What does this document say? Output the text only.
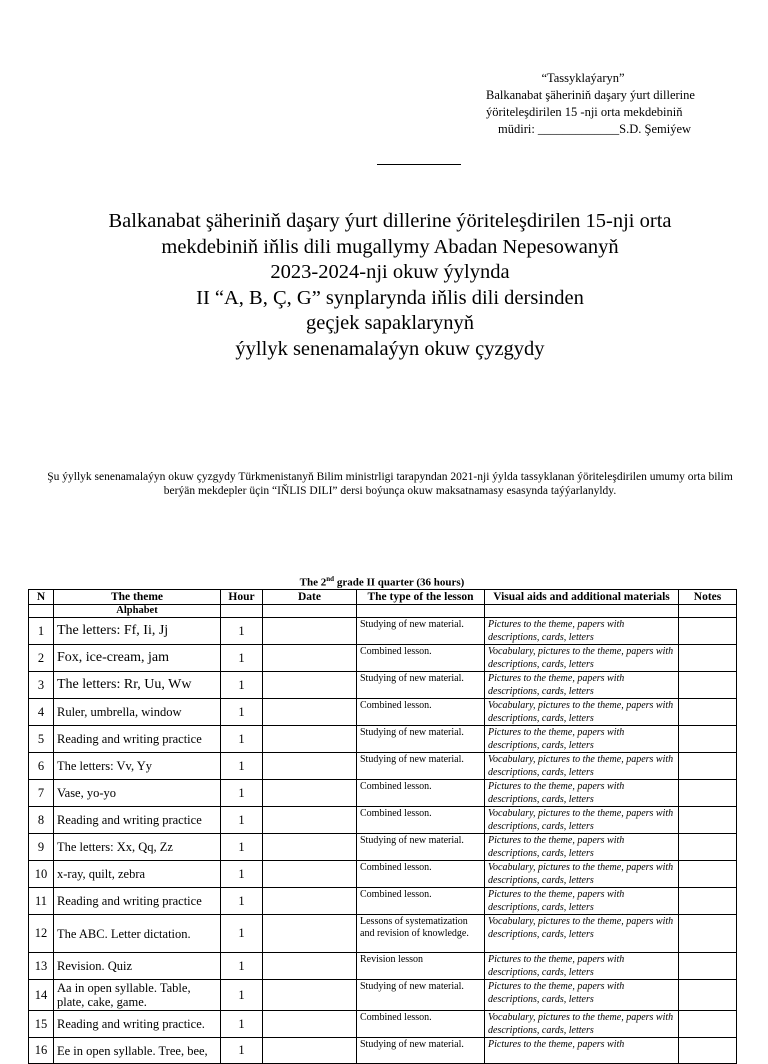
“Tassyklaýaryn”
Balkanabat şäheriniň daşary ýurt dillerine
ýöriteleşdirilen 15 -nji orta mekdebiniň
müdiri: _____________S.D. Şemiýew
Balkanabat şäheriniň daşary ýurt dillerine ýöriteleşdirilen 15-nji orta
mekdebiniň iňlis dili mugallymy Abadan Nepesowanyň
2023-2024-nji okuw ýylynda
II “A, B, Ç, G” synplarynda iňlis dili dersinden
geçjek sapaklarynyň
ýyllyk senenamalaýyn okuw çyzgydy
Şu ýyllyk senenamalaýyn okuw çyzgydy Türkmenistanyň Bilim ministrligi tarapyndan 2021-nji ýylda tassyklanan ýöriteleşdirilen umumy orta bilim berýän mekdepler üçin “IŇLIS DILI” dersi boýunça okuw maksatnamasy esasynda taýýarlanyldy.
The 2nd grade II quarter (36 hours)
N	The theme	Hour	Date	The type of the lesson	Visual aids and additional materials	Notes
	Alphabet					
1	The letters: Ff, Ii, Jj	1		Studying of new material.	Pictures to the theme, papers with descriptions, cards, letters	
2	Fox, ice-cream, jam	1		Combined lesson.	Vocabulary, pictures to the theme, papers with descriptions, cards, letters	
3	The letters: Rr, Uu, Ww	1		Studying of new material.	Pictures to the theme, papers with descriptions, cards, letters	
4	Ruler, umbrella, window	1		Combined lesson.	Vocabulary, pictures to the theme, papers with descriptions, cards, letters	
5	Reading and writing practice	1		Studying of new material.	Pictures to the theme, papers with descriptions, cards, letters	
6	The letters: Vv, Yy	1		Studying of new material.	Vocabulary, pictures to the theme, papers with descriptions, cards, letters	
7	Vase, yo-yo	1		Combined lesson.	Pictures to the theme, papers with descriptions, cards, letters	
8	Reading and writing practice	1		Combined lesson.	Vocabulary, pictures to the theme, papers with descriptions, cards, letters	
9	The letters: Xx, Qq, Zz	1		Studying of new material.	Pictures to the theme, papers with descriptions, cards, letters	
10	x-ray, quilt, zebra	1		Combined lesson.	Vocabulary, pictures to the theme, papers with descriptions, cards, letters	
11	Reading and writing practice	1		Combined lesson.	Pictures to the theme, papers with descriptions, cards, letters	
12	The ABC. Letter dictation.	1		Lessons of systematization and revision of knowledge.	Vocabulary, pictures to the theme, papers with descriptions, cards, letters	
13	Revision. Quiz	1		Revision lesson	Pictures to the theme, papers with descriptions, cards, letters	
14	Aa in open syllable. Table, plate, cake, game.	1		Studying of new material.	Pictures to the theme, papers with descriptions, cards, letters	
15	Reading and writing practice.	1		Combined lesson.	Vocabulary, pictures to the theme, papers with descriptions, cards, letters	
16	Ee in open syllable. Tree, bee,	1		Studying of new material.	Pictures to the theme, papers with	
